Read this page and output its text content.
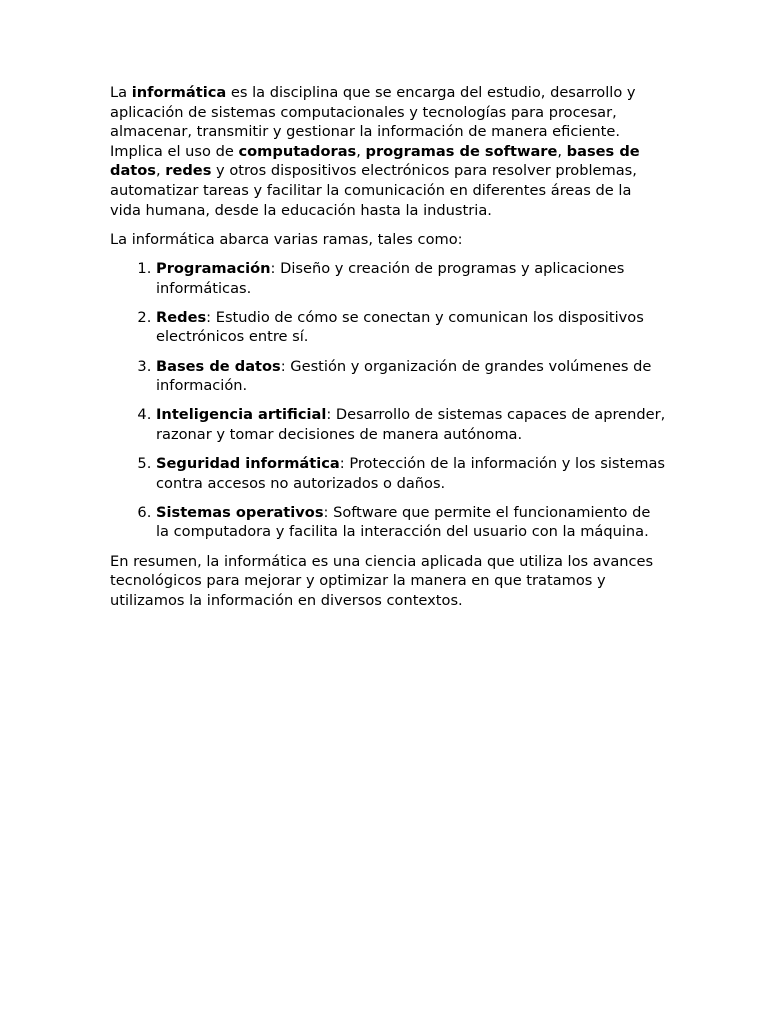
La informática es la disciplina que se encarga del estudio, desarrollo y aplicación de sistemas computacionales y tecnologías para procesar, almacenar, transmitir y gestionar la información de manera eficiente. Implica el uso de computadoras, programas de software, bases de datos, redes y otros dispositivos electrónicos para resolver problemas, automatizar tareas y facilitar la comunicación en diferentes áreas de la vida humana, desde la educación hasta la industria.

La informática abarca varias ramas, tales como:

1. Programación: Diseño y creación de programas y aplicaciones informáticas.
2. Redes: Estudio de cómo se conectan y comunican los dispositivos electrónicos entre sí.
3. Bases de datos: Gestión y organización de grandes volúmenes de información.
4. Inteligencia artificial: Desarrollo de sistemas capaces de aprender, razonar y tomar decisiones de manera autónoma.
5. Seguridad informática: Protección de la información y los sistemas contra accesos no autorizados o daños.
6. Sistemas operativos: Software que permite el funcionamiento de la computadora y facilita la interacción del usuario con la máquina.

En resumen, la informática es una ciencia aplicada que utiliza los avances tecnológicos para mejorar y optimizar la manera en que tratamos y utilizamos la información en diversos contextos.
